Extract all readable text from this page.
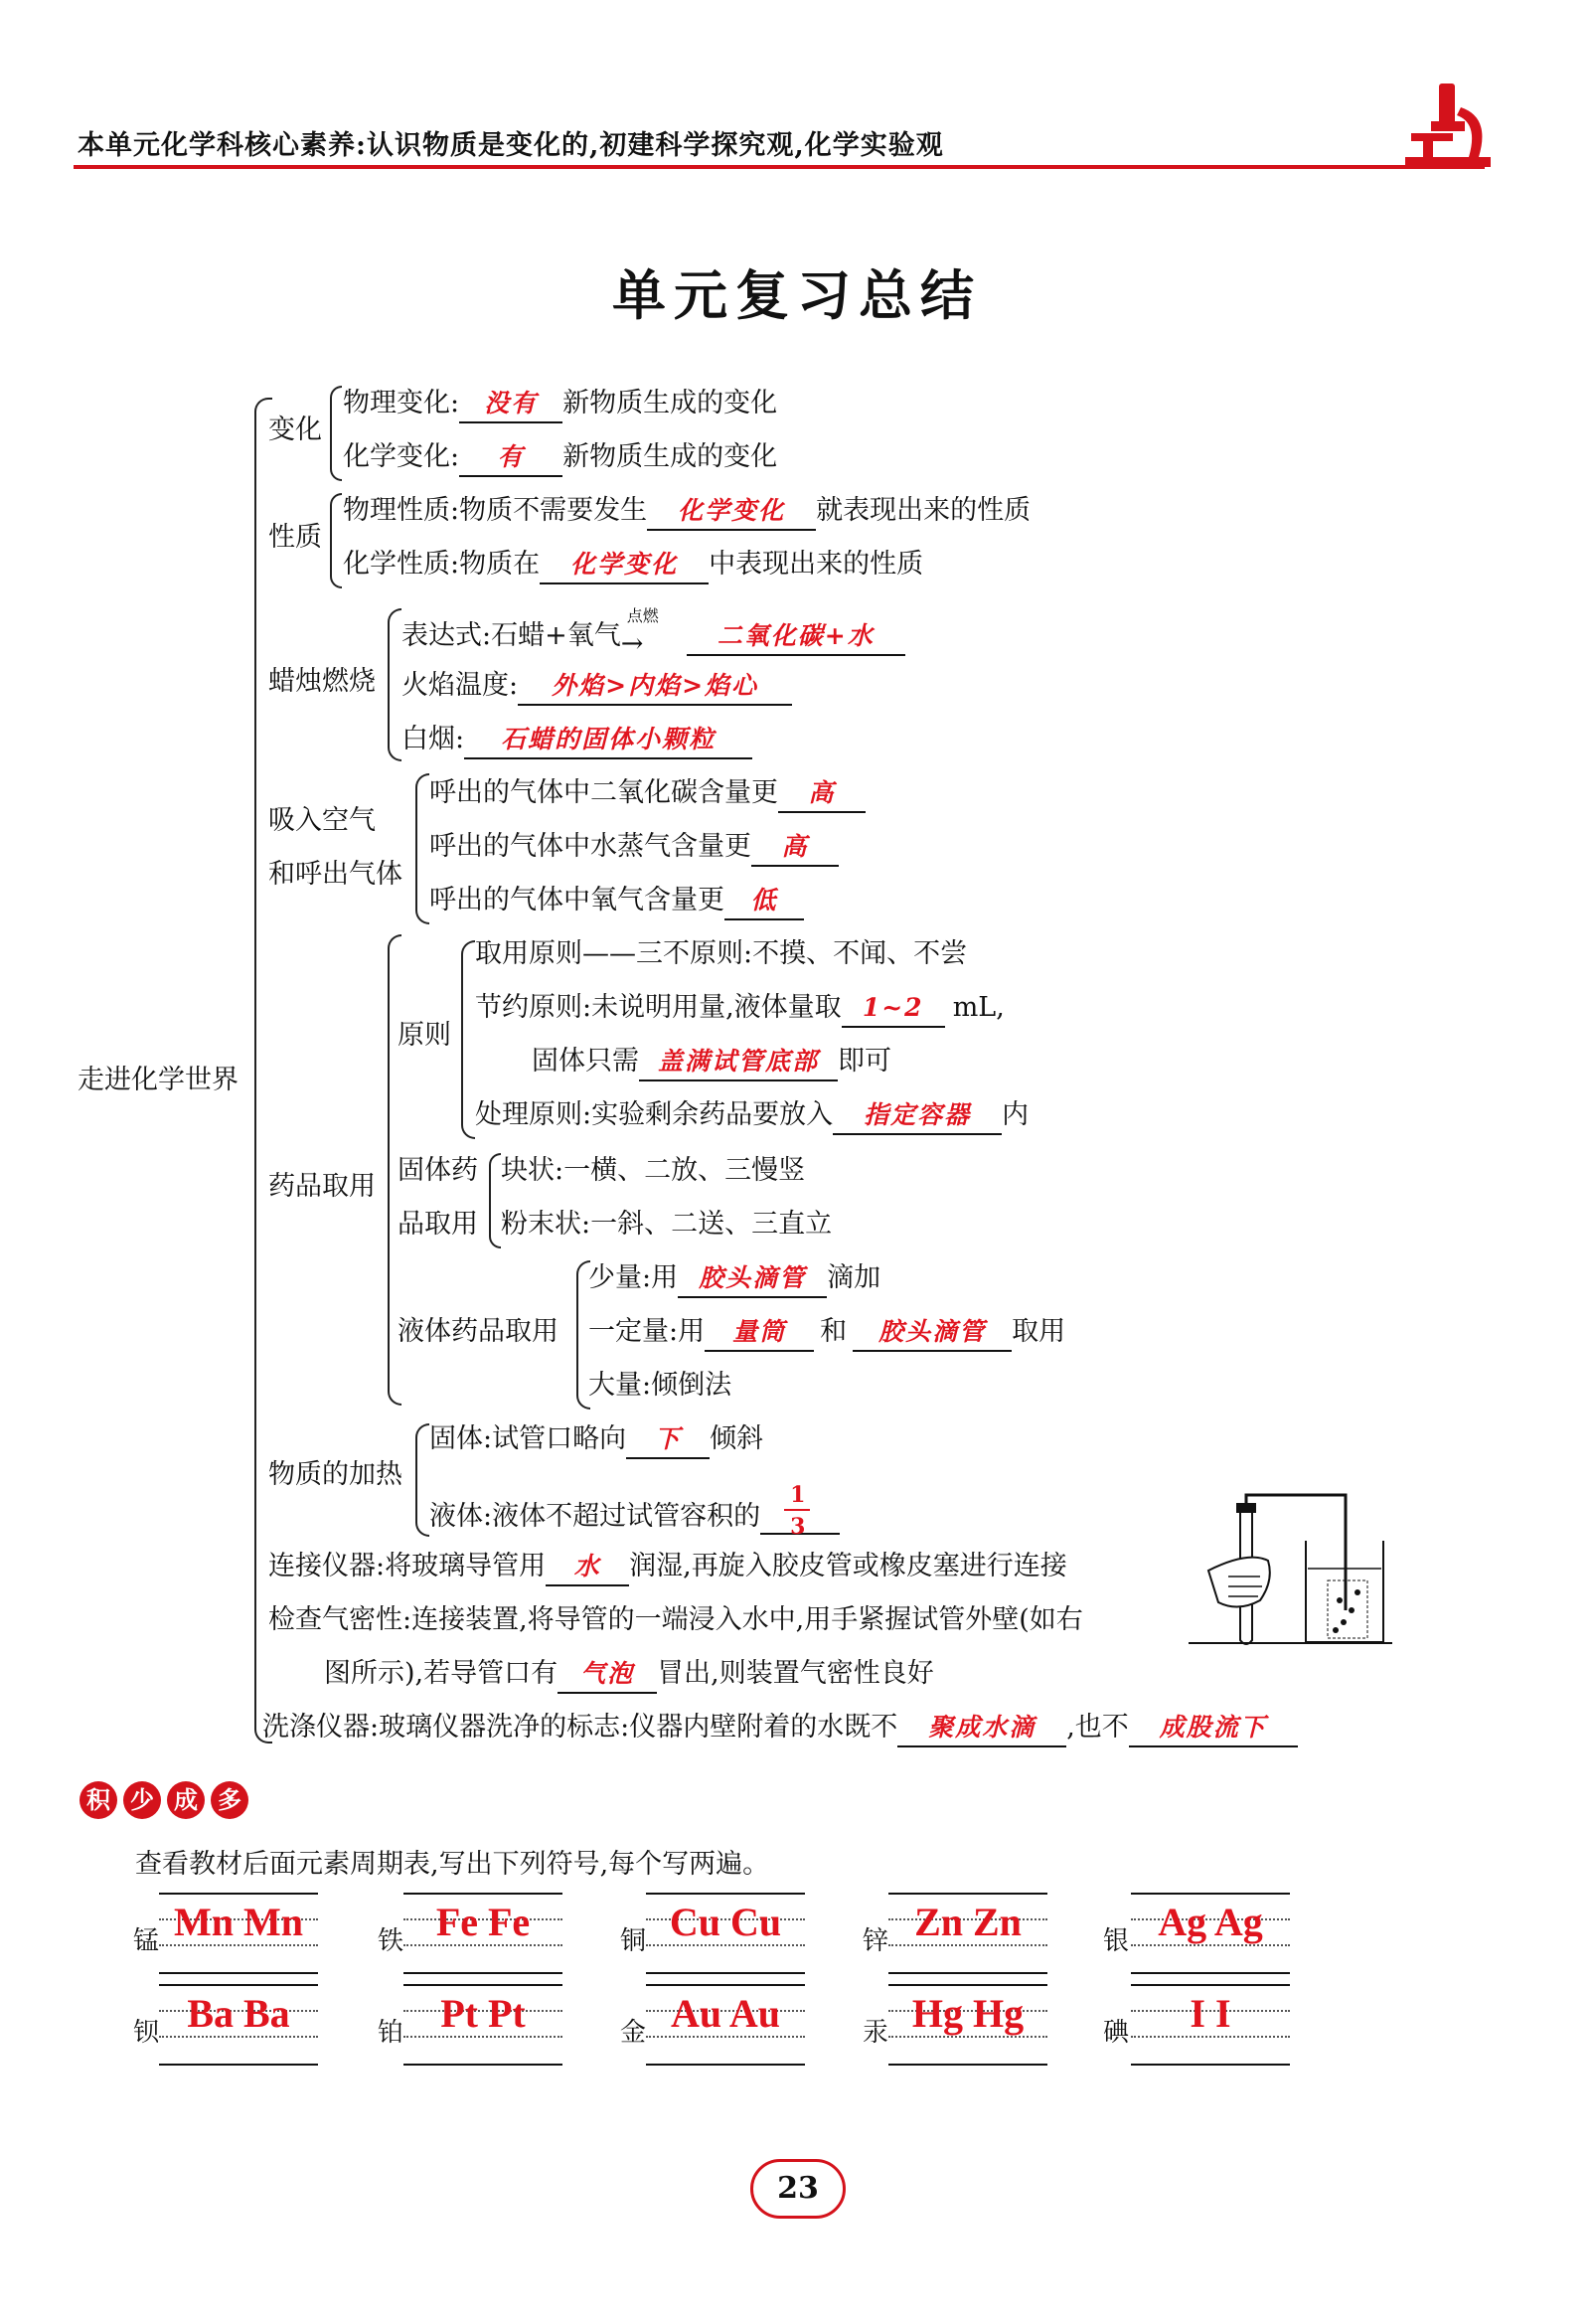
本单元化学科核心素养:认识物质是变化的,初建科学探究观,化学实验观
单元复习总结
走进化学世界
变化
物理变化: 没有 新物质生成的变化
化学变化: 有 新物质生成的变化
性质
物理性质:物质不需要发生 化学变化 就表现出来的性质
化学性质:物质在 化学变化 中表现出来的性质
蜡烛燃烧
表达式:石蜡+氧气
点燃
→	二氧化碳+水
火焰温度: 外焰>内焰>焰心
白烟: 石蜡的固体小颗粒
吸入空气
和呼出气体
呼出的气体中二氧化碳含量更 高
呼出的气体中水蒸气含量更 高
呼出的气体中氧气含量更 低
药品取用
原则
取用原则——三不原则:不摸、不闻、不尝
节约原则:未说明用量,液体量取 1~2 mL,
固体只需 盖满试管底部 即可
处理原则:实验剩余药品要放入 指定容器 内
固体药
品取用
块状:一横、二放、三慢竖
粉末状:一斜、二送、三直立
液体药品取用
少量:用 胶头滴管 滴加
一定量:用 量筒 和 胶头滴管 取用
大量:倾倒法
物质的加热
固体:试管口略向 下 倾斜
液体:液体不超过试管容积的 $\frac{1}{3}$
连接仪器:将玻璃导管用 水 润湿,再旋入胶皮管或橡皮塞进行连接
检查气密性:连接装置,将导管的一端浸入水中,用手紧握试管外壁(如右
图所示),若导管口有 气泡 冒出,则装置气密性良好
洗涤仪器:玻璃仪器洗净的标志:仪器内壁附着的水既不 聚成水滴 ,也不 成股流下
积 少 成 多
查看教材后面元素周期表,写出下列符号,每个写两遍。
锰 Mn Mn	铁 Fe Fe	铜 Cu Cu	锌 Zn Zn	银 Ag Ag
钡 Ba Ba	铂 Pt Pt	金 Au Au	汞 Hg Hg	碘	I I
23
